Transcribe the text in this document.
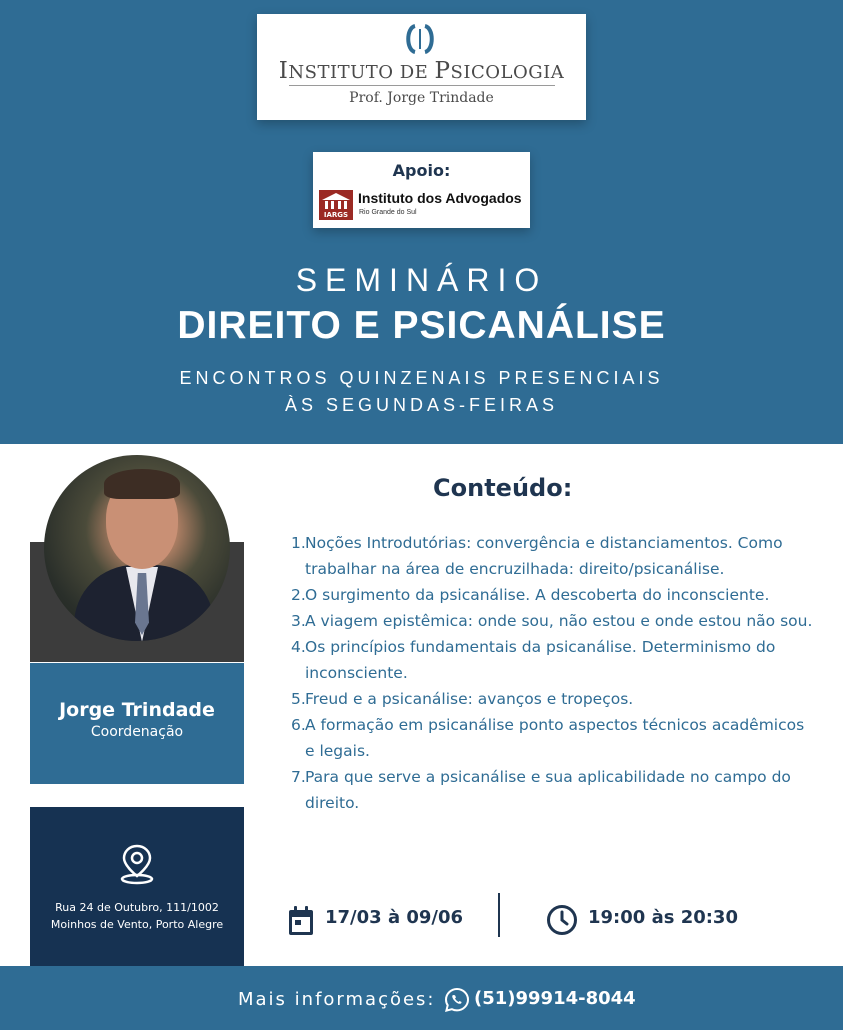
INSTITUTO DE PSICOLOGIA
Prof. Jorge Trindade
Apoio:
IARGS
Instituto dos Advogados
Rio Grande do Sul
SEMINÁRIO
DIREITO E PSICANÁLISE
ENCONTROS QUINZENAIS PRESENCIAIS
ÀS SEGUNDAS-FEIRAS
Jorge Trindade
Coordenação
Rua 24 de Outubro, 111/1002
Moinhos de Vento, Porto Alegre
Conteúdo:
1. Noções Introdutórias: convergência e distanciamentos. Como trabalhar na área de encruzilhada: direito/psicanálise.
2. O surgimento da psicanálise. A descoberta do inconsciente.
3. A viagem epistêmica: onde sou, não estou e onde estou não sou.
4. Os princípios fundamentais da psicanálise. Determinismo do inconsciente.
5. Freud e a psicanálise: avanços e tropeços.
6. A formação em psicanálise ponto aspectos técnicos acadêmicos e legais.
7. Para que serve a psicanálise e sua aplicabilidade no campo do direito.
17/03 à 09/06	19:00 às 20:30
Mais informações: (51)99914-8044
